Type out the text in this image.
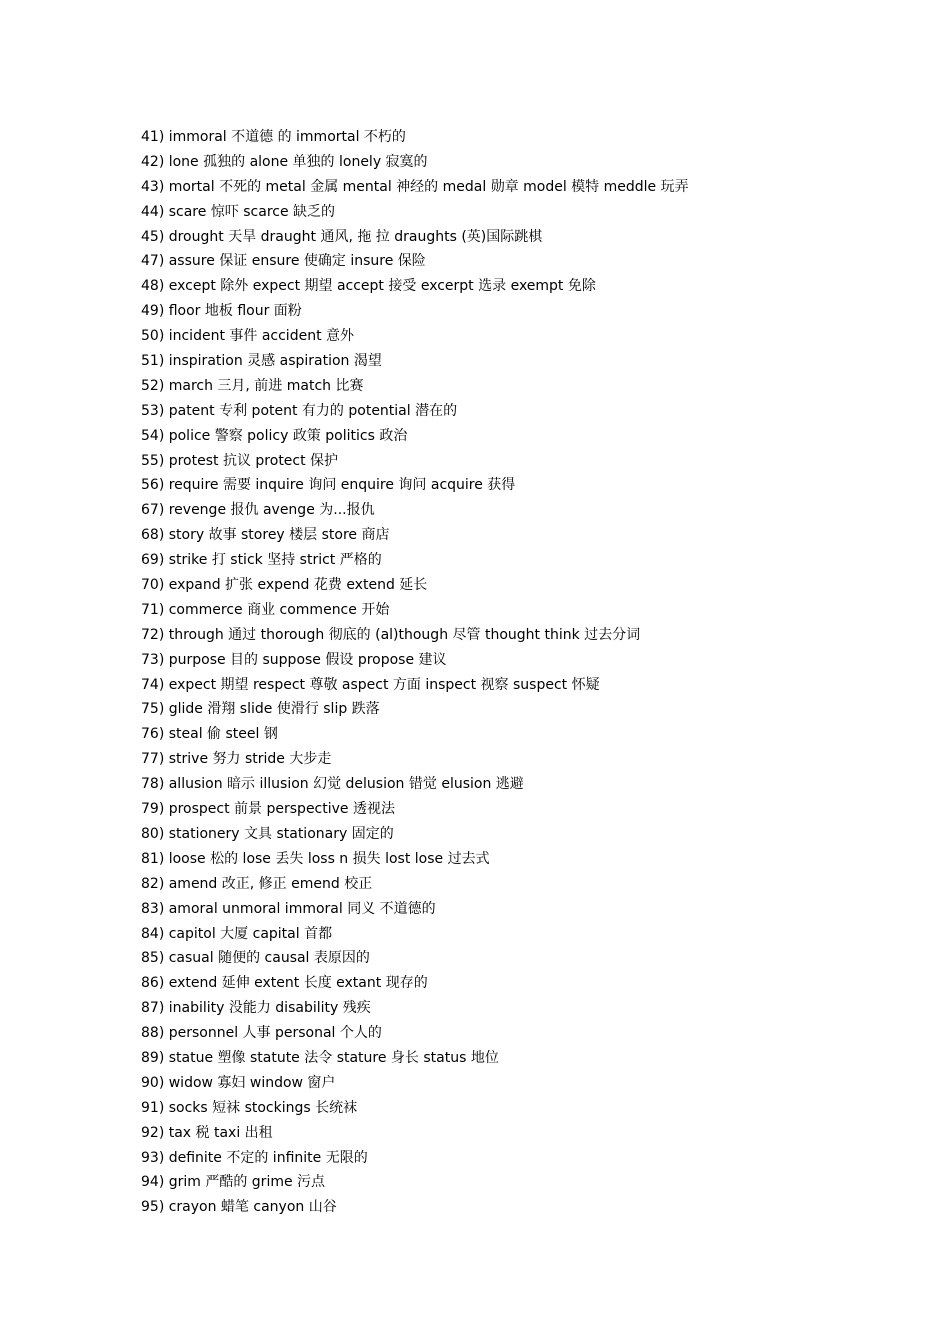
41) immoral 不道德 的 immortal 不朽的
42) lone 孤独的 alone 单独的 lonely 寂寞的
43) mortal 不死的 metal 金属 mental 神经的 medal 勋章 model 模特 meddle 玩弄
44) scare 惊吓 scarce 缺乏的
45) drought 天旱 draught 通风, 拖 拉 draughts (英)国际跳棋
47) assure 保证 ensure 使确定 insure 保险
48) except 除外 expect 期望 accept 接受 excerpt 选录 exempt 免除
49) floor 地板 flour 面粉
50) incident 事件 accident 意外
51) inspiration 灵感 aspiration 渴望
52) march 三月, 前进 match 比赛
53) patent 专利 potent 有力的 potential 潜在的
54) police 警察 policy 政策 politics 政治
55) protest 抗议 protect 保护
56) require 需要 inquire 询问 enquire 询问 acquire 获得
67) revenge 报仇 avenge 为...报仇
68) story 故事 storey 楼层 store 商店
69) strike 打 stick 坚持 strict 严格的
70) expand 扩张 expend 花费 extend 延长
71) commerce 商业 commence 开始
72) through 通过 thorough 彻底的 (al)though 尽管 thought think 过去分词
73) purpose 目的 suppose 假设 propose 建议
74) expect 期望 respect 尊敬 aspect 方面 inspect 视察 suspect 怀疑
75) glide 滑翔 slide 使滑行 slip 跌落
76) steal 偷 steel 钢
77) strive 努力 stride 大步走
78) allusion 暗示 illusion 幻觉 delusion 错觉 elusion 逃避
79) prospect 前景 perspective 透视法
80) stationery 文具 stationary 固定的
81) loose 松的 lose 丢失 loss n 损失 lost lose 过去式
82) amend 改正, 修正 emend 校正
83) amoral unmoral immoral 同义 不道德的
84) capitol 大厦 capital 首都
85) casual 随便的 causal 表原因的
86) extend 延伸 extent 长度 extant 现存的
87) inability 没能力 disability 残疾
88) personnel 人事 personal 个人的
89) statue 塑像 statute 法令 stature 身长 status 地位
90) widow 寡妇 window 窗户
91) socks 短袜 stockings 长统袜
92) tax 税 taxi 出租
93) definite 不定的 infinite 无限的
94) grim 严酷的 grime 污点
95) crayon 蜡笔 canyon 山谷
